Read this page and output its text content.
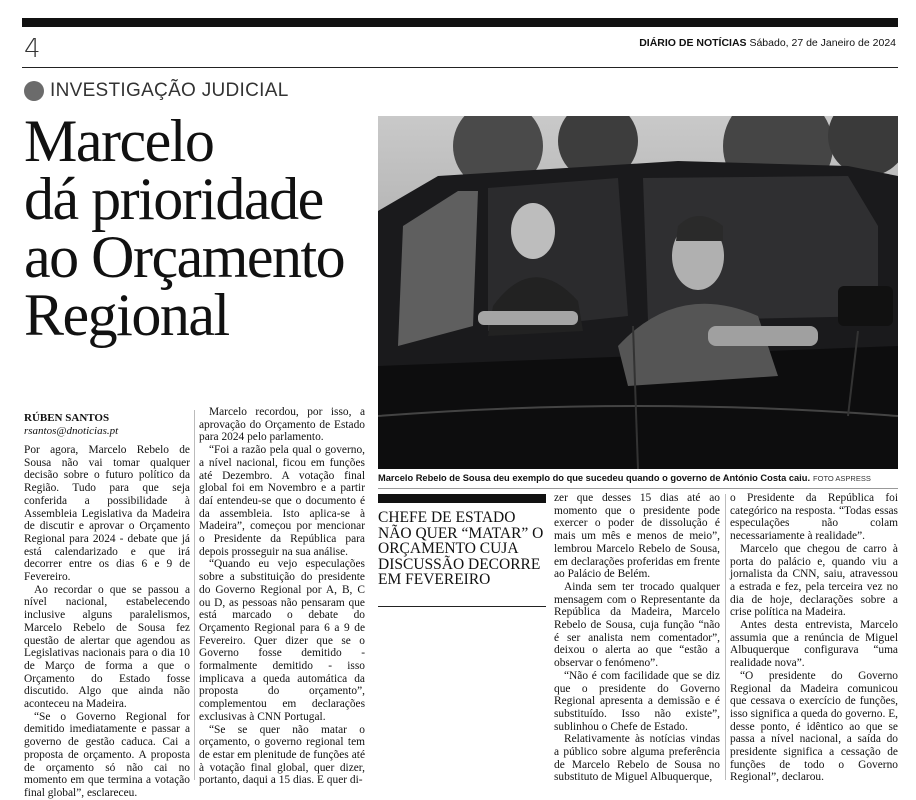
4	DIÁRIO DE NOTÍCIAS Sábado, 27 de Janeiro de 2024
INVESTIGAÇÃO JUDICIAL
Marcelo
dá prioridade
ao Orçamento
Regional
Marcelo Rebelo de Sousa deu exemplo do que sucedeu quando o governo de António Costa caiu. FOTO ASPRESS
RÚBEN SANTOS
rsantos@dnoticias.pt

Por agora, Marcelo Rebelo de Sousa não vai tomar qualquer decisão sobre o futuro político da Região. Tudo para que seja conferida a possibilidade à Assembleia Legislativa da Madeira de discutir e aprovar o Orçamento Regional para 2024 - debate que já está calendarizado e que irá decorrer entre os dias 6 e 9 de Fevereiro.

Ao recordar o que se passou a nível nacional, estabelecendo inclusive alguns paralelismos, Marcelo Rebelo de Sousa fez questão de alertar que agendou as Legislativas nacionais para o dia 10 de Março de forma a que o Orçamento do Estado fosse discutido. Algo que ainda não aconteceu na Madeira.

“Se o Governo Regional for demitido imediatamente e passar a governo de gestão caduca. Cai a proposta de orçamento. A proposta de orçamento só não cai no momento em que termina a votação final global”, esclareceu.

Marcelo recordou, por isso, a aprovação do Orçamento de Estado para 2024 pelo parlamento.

“Foi a razão pela qual o governo, a nível nacional, ficou em funções até Dezembro. A votação final global foi em Novembro e a partir daí entendeu-se que o documento é da assembleia. Isto aplica-se à Madeira”, começou por mencionar o Presidente da República para depois prosseguir na sua análise.

“Quando eu vejo especulações sobre a substituição do presidente do Governo Regional por A, B, C ou D, as pessoas não pensaram que está marcado o debate do Orçamento Regional para 6 a 9 de Fevereiro. Quer dizer que se o Governo fosse demitido - formalmente demitido - isso implicava a queda automática da proposta do orçamento”, complementou em declarações exclusivas à CNN Portugal.

“Se se quer não matar o orçamento, o governo regional tem de estar em plenitude de funções até à votação final global, quer dizer, portanto, daqui a 15 dias. E quer di-

CHEFE DE ESTADO NÃO QUER “MATAR” O ORÇAMENTO CUJA DISCUSSÃO DECORRE EM FEVEREIRO

zer que desses 15 dias até ao momento que o presidente pode exercer o poder de dissolução é mais um mês e menos de meio”, lembrou Marcelo Rebelo de Sousa, em declarações proferidas em frente ao Palácio de Belém.

Ainda sem ter trocado qualquer mensagem com o Representante da República da Madeira, Marcelo Rebelo de Sousa, cuja função “não é ser analista nem comentador”, deixou o alerta ao que “estão a observar o fenómeno”.

“Não é com facilidade que se diz que o presidente do Governo Regional apresenta a demissão e é substituído. Isso não existe”, sublinhou o Chefe de Estado.

Relativamente às notícias vindas a público sobre alguma preferência de Marcelo Rebelo de Sousa no substituto de Miguel Albuquerque,

o Presidente da República foi categórico na resposta. “Todas essas especulações não colam necessariamente à realidade”.

Marcelo que chegou de carro à porta do palácio e, quando viu a jornalista da CNN, saiu, atravessou a estrada e fez, pela terceira vez no dia de hoje, declarações sobre a crise política na Madeira.

Antes desta entrevista, Marcelo assumia que a renúncia de Miguel Albuquerque configurava “uma realidade nova”.

“O presidente do Governo Regional da Madeira comunicou que cessava o exercício de funções, isso significa a queda do governo. E, desse ponto, é idêntico ao que se passa a nível nacional, a saída do presidente significa a cessação de funções de todo o Governo Regional”, declarou.
